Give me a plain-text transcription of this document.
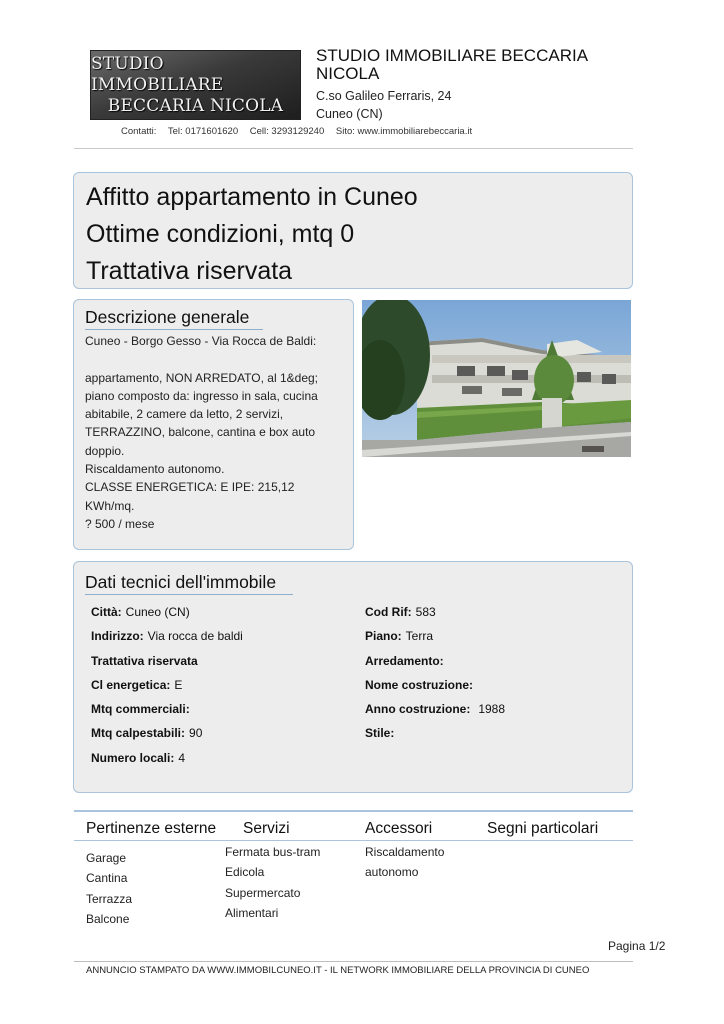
STUDIO IMMOBILIARE
BECCARIA NICOLA
STUDIO IMMOBILIARE BECCARIA NICOLA
C.so Galileo Ferraris, 24
Cuneo (CN)
Contatti: Tel: 0171601620 Cell: 3293129240 Sito: www.immobiliarebeccaria.it
Affitto appartamento in Cuneo
Ottime condizioni, mtq 0
Trattativa riservata
Descrizione generale
Cuneo - Borgo Gesso - Via Rocca de Baldi:

appartamento, NON ARREDATO, al 1&deg;
piano composto da: ingresso in sala, cucina
abitabile, 2 camere da letto, 2 servizi,
TERRAZZINO, balcone, cantina e box auto
doppio.
Riscaldamento autonomo.
CLASSE ENERGETICA: E IPE: 215,12
KWh/mq.
? 500 / mese
Dati tecnici dell'immobile
Città: Cuneo (CN)
Indirizzo: Via rocca de baldi
Trattativa riservata
Cl energetica: E
Mtq commerciali:
Mtq calpestabili: 90
Numero locali: 4
Cod Rif: 583
Piano: Terra
Arredamento:
Nome costruzione:
Anno costruzione: 1988
Stile:
Pertinenze esterne Servizi	Accessori	Segni particolari
Garage
Cantina
Terrazza
Balcone
Fermata bus-tram
Edicola
Supermercato
Alimentari
Riscaldamento
autonomo
Pagina 1/2
ANNUNCIO STAMPATO DA WWW.IMMOBILCUNEO.IT - IL NETWORK IMMOBILIARE DELLA PROVINCIA DI CUNEO
